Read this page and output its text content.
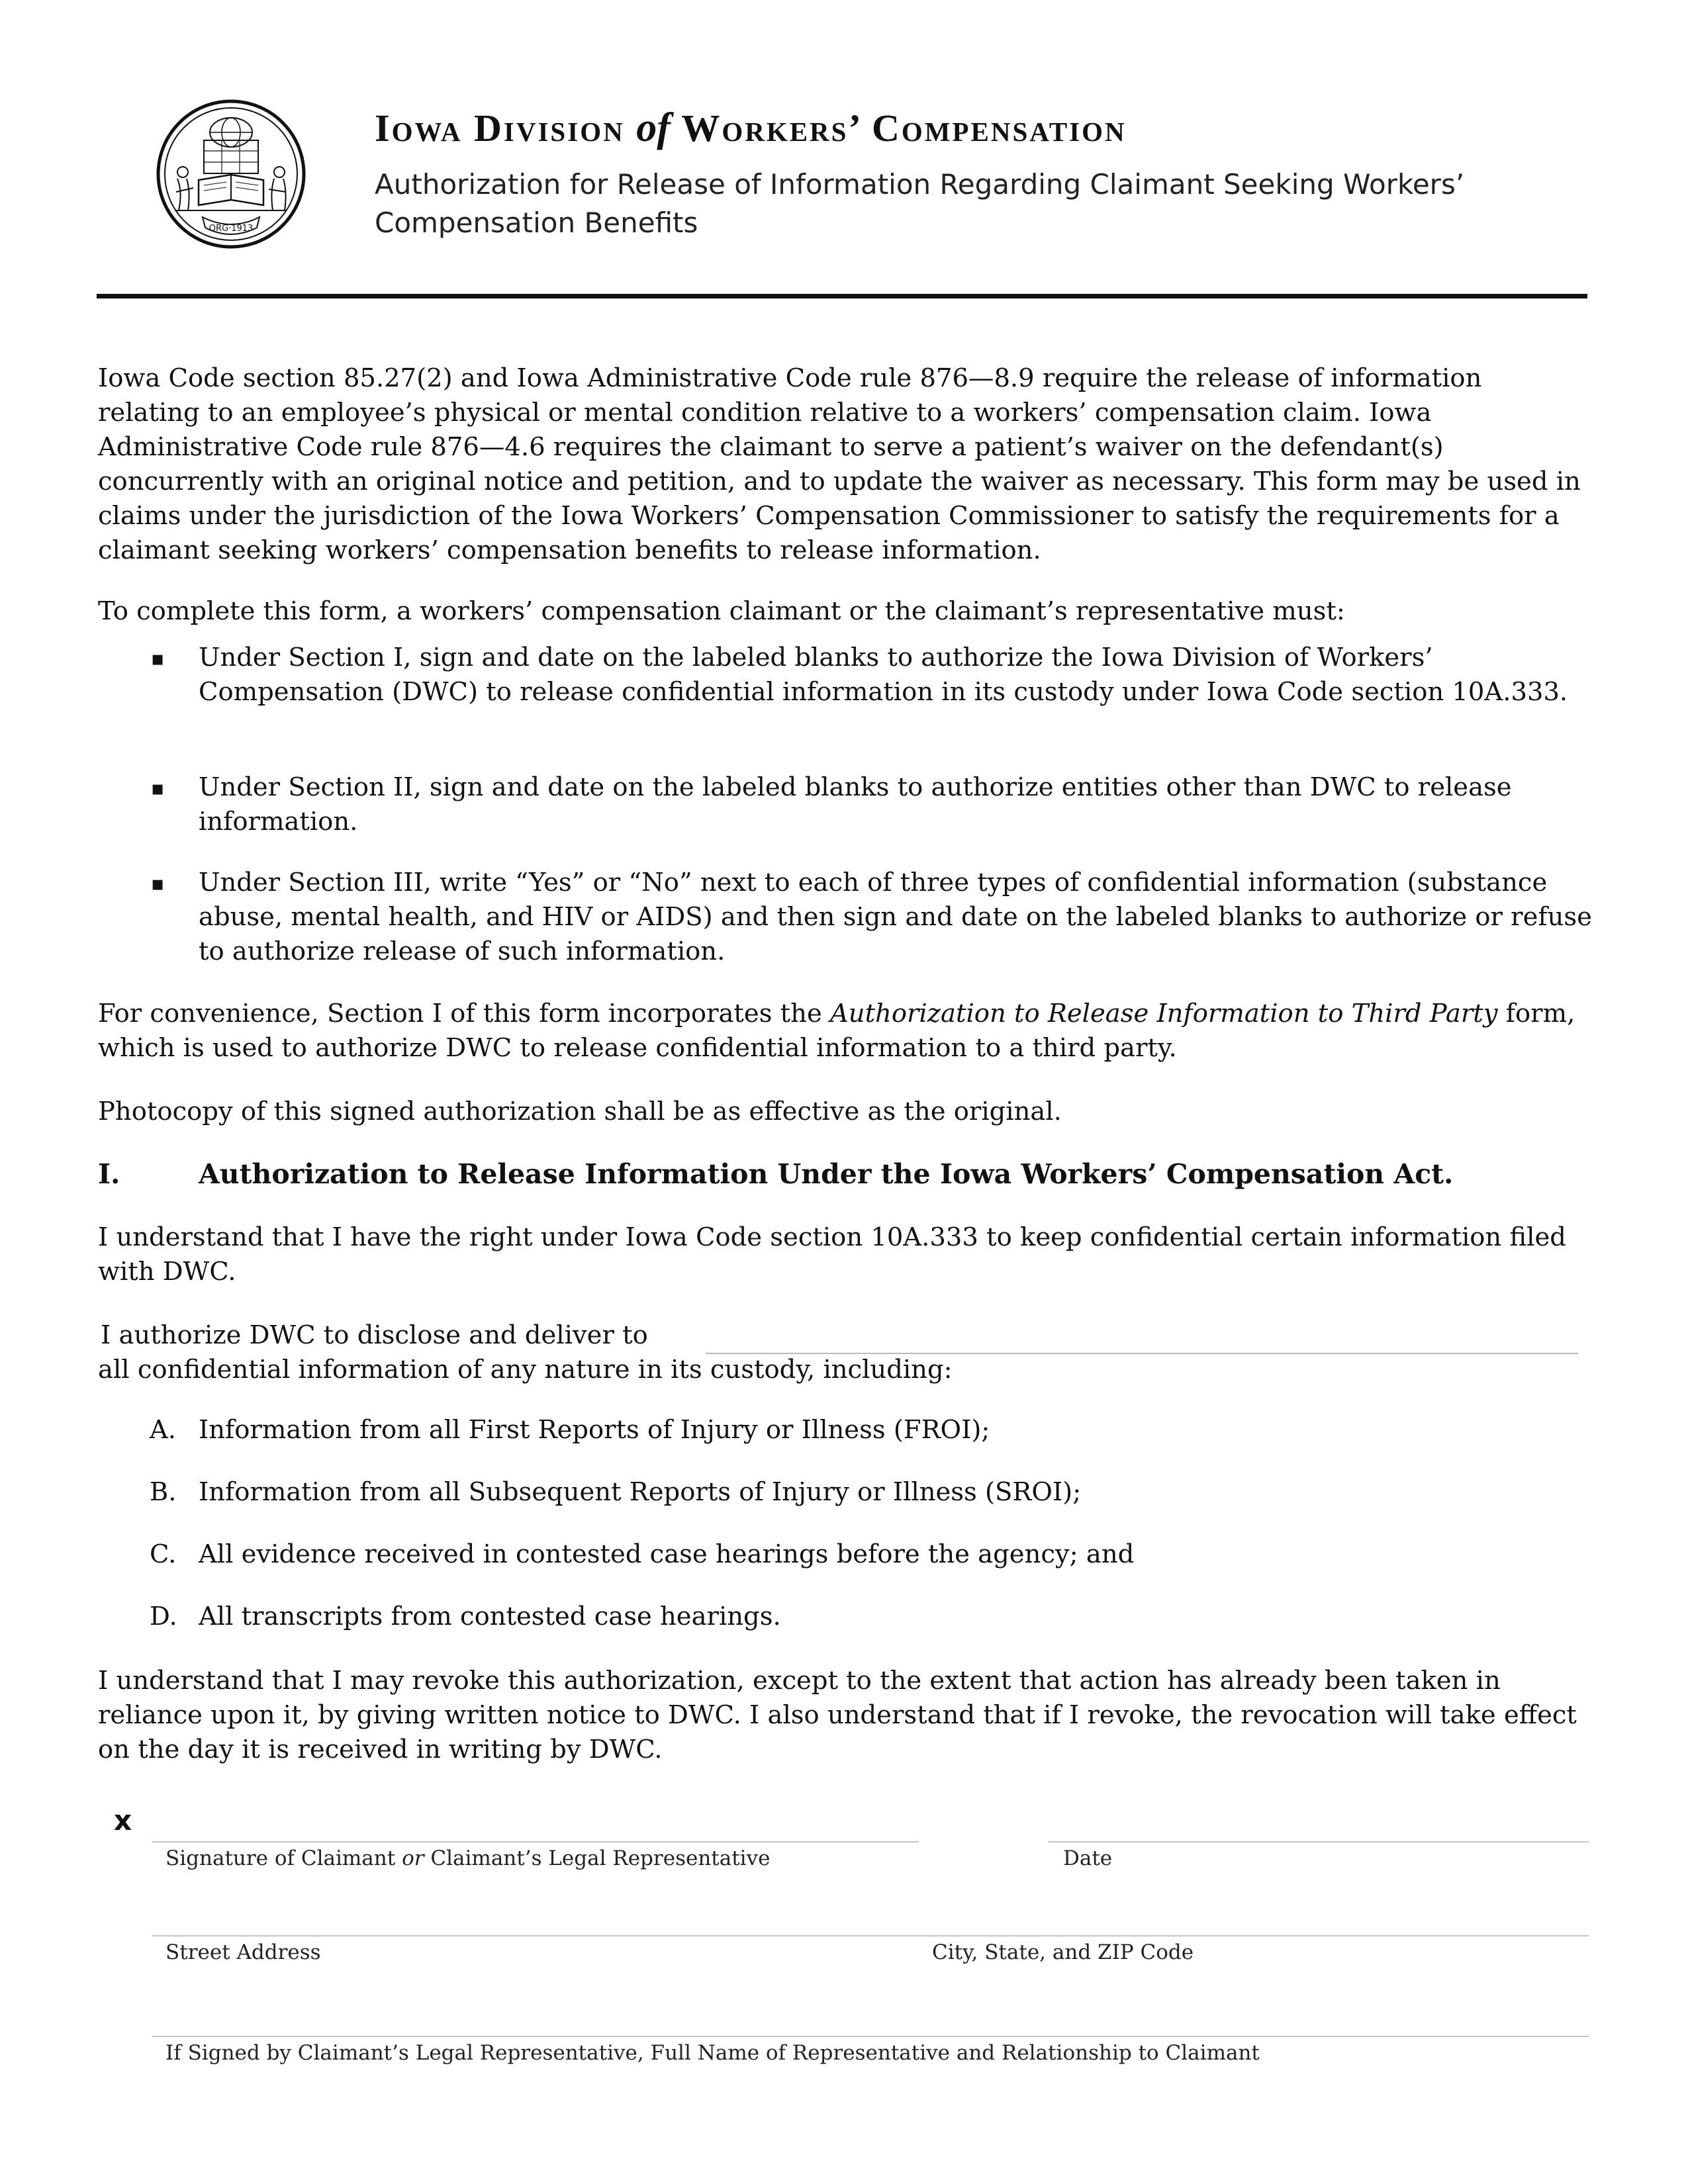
ORG·1913
Iowa Division of Workers’ Compensation
Authorization for Release of Information Regarding Claimant Seeking Workers’ Compensation Benefits
Iowa Code section 85.27(2) and Iowa Administrative Code rule 876—8.9 require the release of information relating to an employee’s physical or mental condition relative to a workers’ compensation claim. Iowa Administrative Code rule 876—4.6 requires the claimant to serve a patient’s waiver on the defendant(s) concurrently with an original notice and petition, and to update the waiver as necessary. This form may be used in claims under the jurisdiction of the Iowa Workers’ Compensation Commissioner to satisfy the requirements for a claimant seeking workers’ compensation benefits to release information.
To complete this form, a workers’ compensation claimant or the claimant’s representative must:
▪ Under Section I, sign and date on the labeled blanks to authorize the Iowa Division of Workers’ Compensation (DWC) to release confidential information in its custody under Iowa Code section 10A.333.
▪ Under Section II, sign and date on the labeled blanks to authorize entities other than DWC to release information.
▪ Under Section III, write “Yes” or “No” next to each of three types of confidential information (substance abuse, mental health, and HIV or AIDS) and then sign and date on the labeled blanks to authorize or refuse to authorize release of such information.
For convenience, Section I of this form incorporates the Authorization to Release Information to Third Party form, which is used to authorize DWC to release confidential information to a third party.
Photocopy of this signed authorization shall be as effective as the original.
I.	Authorization to Release Information Under the Iowa Workers’ Compensation Act.
I understand that I have the right under Iowa Code section 10A.333 to keep confidential certain information filed with DWC.
I authorize DWC to disclose and deliver to
all confidential information of any nature in its custody, including:
A. Information from all First Reports of Injury or Illness (FROI);
B. Information from all Subsequent Reports of Injury or Illness (SROI);
C. All evidence received in contested case hearings before the agency; and
D. All transcripts from contested case hearings.
I understand that I may revoke this authorization, except to the extent that action has already been taken in reliance upon it, by giving written notice to DWC. I also understand that if I revoke, the revocation will take effect on the day it is received in writing by DWC.
x
Signature of Claimant or Claimant’s Legal Representative	Date
Street Address	City, State, and ZIP Code
If Signed by Claimant’s Legal Representative, Full Name of Representative and Relationship to Claimant
